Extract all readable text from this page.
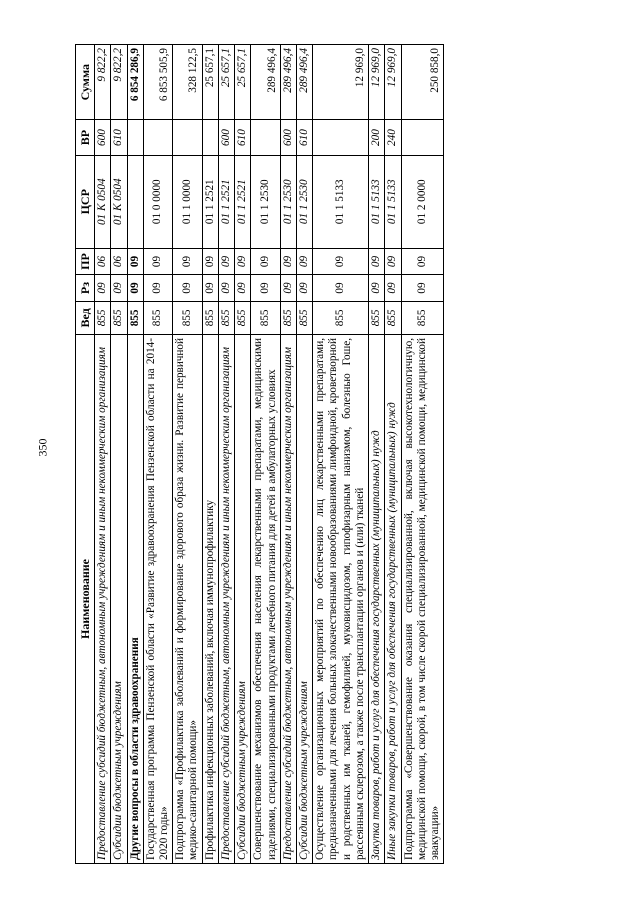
350
Наименование	Вед	Рз	ПР	ЦСР	ВР	Сумма
Предоставление субсидий бюджетным, автономным учреждениям и иным некоммерческим организациям	855	09	06	01 К 0504	600	9 822,2
Субсидии бюджетным учреждениям	855	09	06	01 К 0504	610	9 822,2
Другие вопросы в области здравоохранения	855	09	09			6 854 286,9
Государственная программа Пензенской области «Развитие здравоохранения Пензенской области на 2014-2020 годы»	855	09	09	01 0 0000		6 853 505,9
Подпрограмма «Профилактика заболеваний и формирование здорового образа жизни. Развитие первичной медико-санитарной помощи»	855	09	09	01 1 0000		328 122,5
Профилактика инфекционных заболеваний, включая иммунопрофилактику	855	09	09	01 1 2521		25 657,1
Предоставление субсидий бюджетным, автономным учреждениям и иным некоммерческим организациям	855	09	09	01 1 2521	600	25 657,1
Субсидии бюджетным учреждениям	855	09	09	01 1 2521	610	25 657,1
Совершенствование механизмов обеспечения населения лекарственными препаратами, медицинскими изделиями, специализированными продуктами лечебного питания для детей в амбулаторных условиях	855	09	09	01 1 2530		289 496,4
Предоставление субсидий бюджетным, автономным учреждениям и иным некоммерческим организациям	855	09	09	01 1 2530	600	289 496,4
Субсидии бюджетным учреждениям	855	09	09	01 1 2530	610	289 496,4
Осуществление организационных мероприятий по обеспечению лиц лекарственными препаратами, предназначенными для лечения больных злокачественными новообразованиями лимфоидной, кроветворной и родственных им тканей, гемофилией, муковисцидозом, гипофизарным нанизмом, болезнью Гоше, рассеянным склерозом, а также после трансплантации органов и (или) тканей	855	09	09	01 1 5133		12 969,0
Закупка товаров, работ и услуг для обеспечения государственных (муниципальных) нужд	855	09	09	01 1 5133	200	12 969,0
Иные закупки товаров, работ и услуг для обеспечения государственных (муниципальных) нужд	855	09	09	01 1 5133	240	12 969,0
Подпрограмма «Совершенствование оказания специализированной, включая высокотехнологичную, медицинской помощи, скорой, в том числе скорой специализированной, медицинской помощи, медицинской эвакуации»	855	09	09	01 2 0000		250 858,0
